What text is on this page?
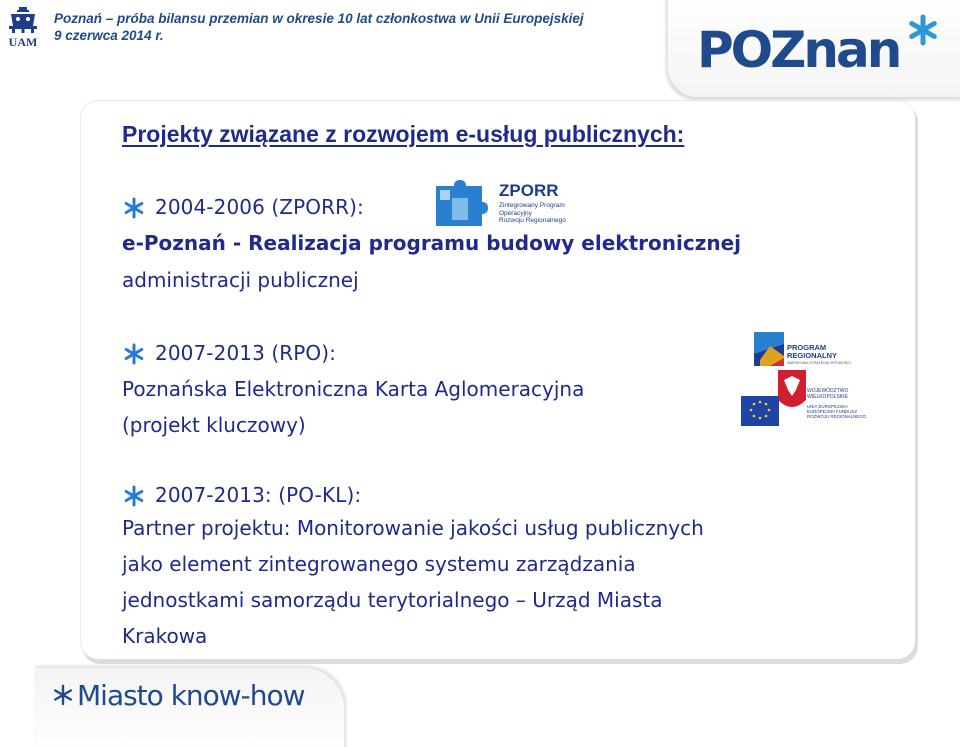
UAM
Poznań – próba bilansu przemian w okresie 10 lat członkostwa w Unii Europejskiej
9 czerwca 2014 r.	POZnan
Projekty związane z rozwojem e-usług publicznych:
2004-2006 (ZPORR):
e-Poznań - Realizacja programu budowy elektronicznej
administracji publicznej
ZPORR
Zintegrowany Program
Operacyjny
Rozwoju Regionalnego
2007-2013 (RPO):
Poznańska Elektroniczna Karta Aglomeracyjna
(projekt kluczowy)
PROGRAM
REGIONALNY
NARODOWA STRATEGIA SPÓJNOŚCI
WOJEWÓDZTWO
WIELKOPOLSKIE
UNIA EUROPEJSKA
EUROPEJSKI FUNDUSZ
ROZWOJU REGIONALNEGO
2007-2013: (PO-KL):
Partner projektu: Monitorowanie jakości usług publicznych
jako element zintegrowanego systemu zarządzania
jednostkami samorządu terytorialnego – Urząd Miasta
Krakowa
Miasto know-how
